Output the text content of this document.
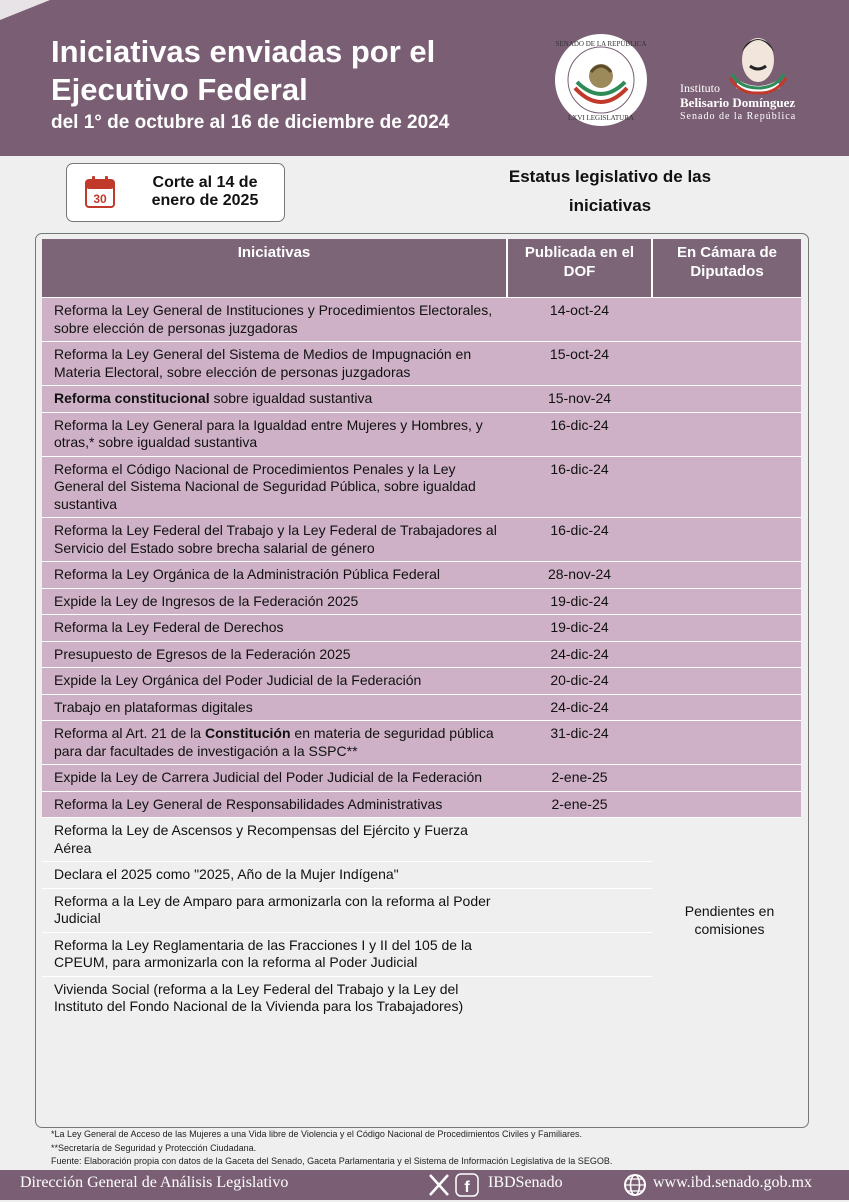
Iniciativas enviadas por el
Ejecutivo Federal
del 1° de octubre al 16 de diciembre de 2024
SENADO DE LA REPÚBLICA
LXVI LEGISLATURA
Instituto
Belisario Domínguez
Senado de la República
30
Corte al 14 de
enero de 2025
Estatus legislativo de las
iniciativas
Iniciativas	Publicada en el DOF	En Cámara de Diputados
Reforma la Ley General de Instituciones y Procedimientos Electorales, sobre elección de personas juzgadoras	14-oct-24	
Reforma la Ley General del Sistema de Medios de Impugnación en Materia Electoral, sobre elección de personas juzgadoras	15-oct-24	
Reforma constitucional sobre igualdad sustantiva	15-nov-24	
Reforma la Ley General para la Igualdad entre Mujeres y Hombres, y otras,* sobre igualdad sustantiva	16-dic-24	
Reforma el Código Nacional de Procedimientos Penales y la Ley General del Sistema Nacional de Seguridad Pública, sobre igualdad sustantiva	16-dic-24	
Reforma la Ley Federal del Trabajo y la Ley Federal de Trabajadores al Servicio del Estado sobre brecha salarial de género	16-dic-24	
Reforma la Ley Orgánica de la Administración Pública Federal	28-nov-24	
Expide la Ley de Ingresos de la Federación 2025	19-dic-24	
Reforma la Ley Federal de Derechos	19-dic-24	
Presupuesto de Egresos de la Federación 2025	24-dic-24	
Expide la Ley Orgánica del Poder Judicial de la Federación	20-dic-24	
Trabajo en plataformas digitales	24-dic-24	
Reforma al Art. 21 de la Constitución en materia de seguridad pública para dar facultades de investigación a la SSPC**	31-dic-24	
Expide la Ley de Carrera Judicial del Poder Judicial de la Federación	2-ene-25	
Reforma la Ley General de Responsabilidades Administrativas	2-ene-25	
Reforma la Ley de Ascensos y Recompensas del Ejército y Fuerza Aérea		Pendientes en
comisiones

Declara el 2025 como "2025, Año de la Mujer Indígena"		
Reforma a la Ley de Amparo para armonizarla con la reforma al Poder Judicial		
Reforma la Ley Reglamentaria de las Fracciones I y II del 105 de la CPEUM, para armonizarla con la reforma al Poder Judicial		
Vivienda Social (reforma a la Ley Federal del Trabajo y la Ley del Instituto del Fondo Nacional de la Vivienda para los Trabajadores)		
*La Ley General de Acceso de las Mujeres a una Vida libre de Violencia y el Código Nacional de Procedimientos Civiles y Familiares.
**Secretaría de Seguridad y Protección Ciudadana.
Fuente: Elaboración propia con datos de la Gaceta del Senado, Gaceta Parlamentaria y el Sistema de Información Legislativa de la SEGOB.
Dirección General de Análisis Legislativo	f IBDSenado	www.ibd.senado.gob.mx
